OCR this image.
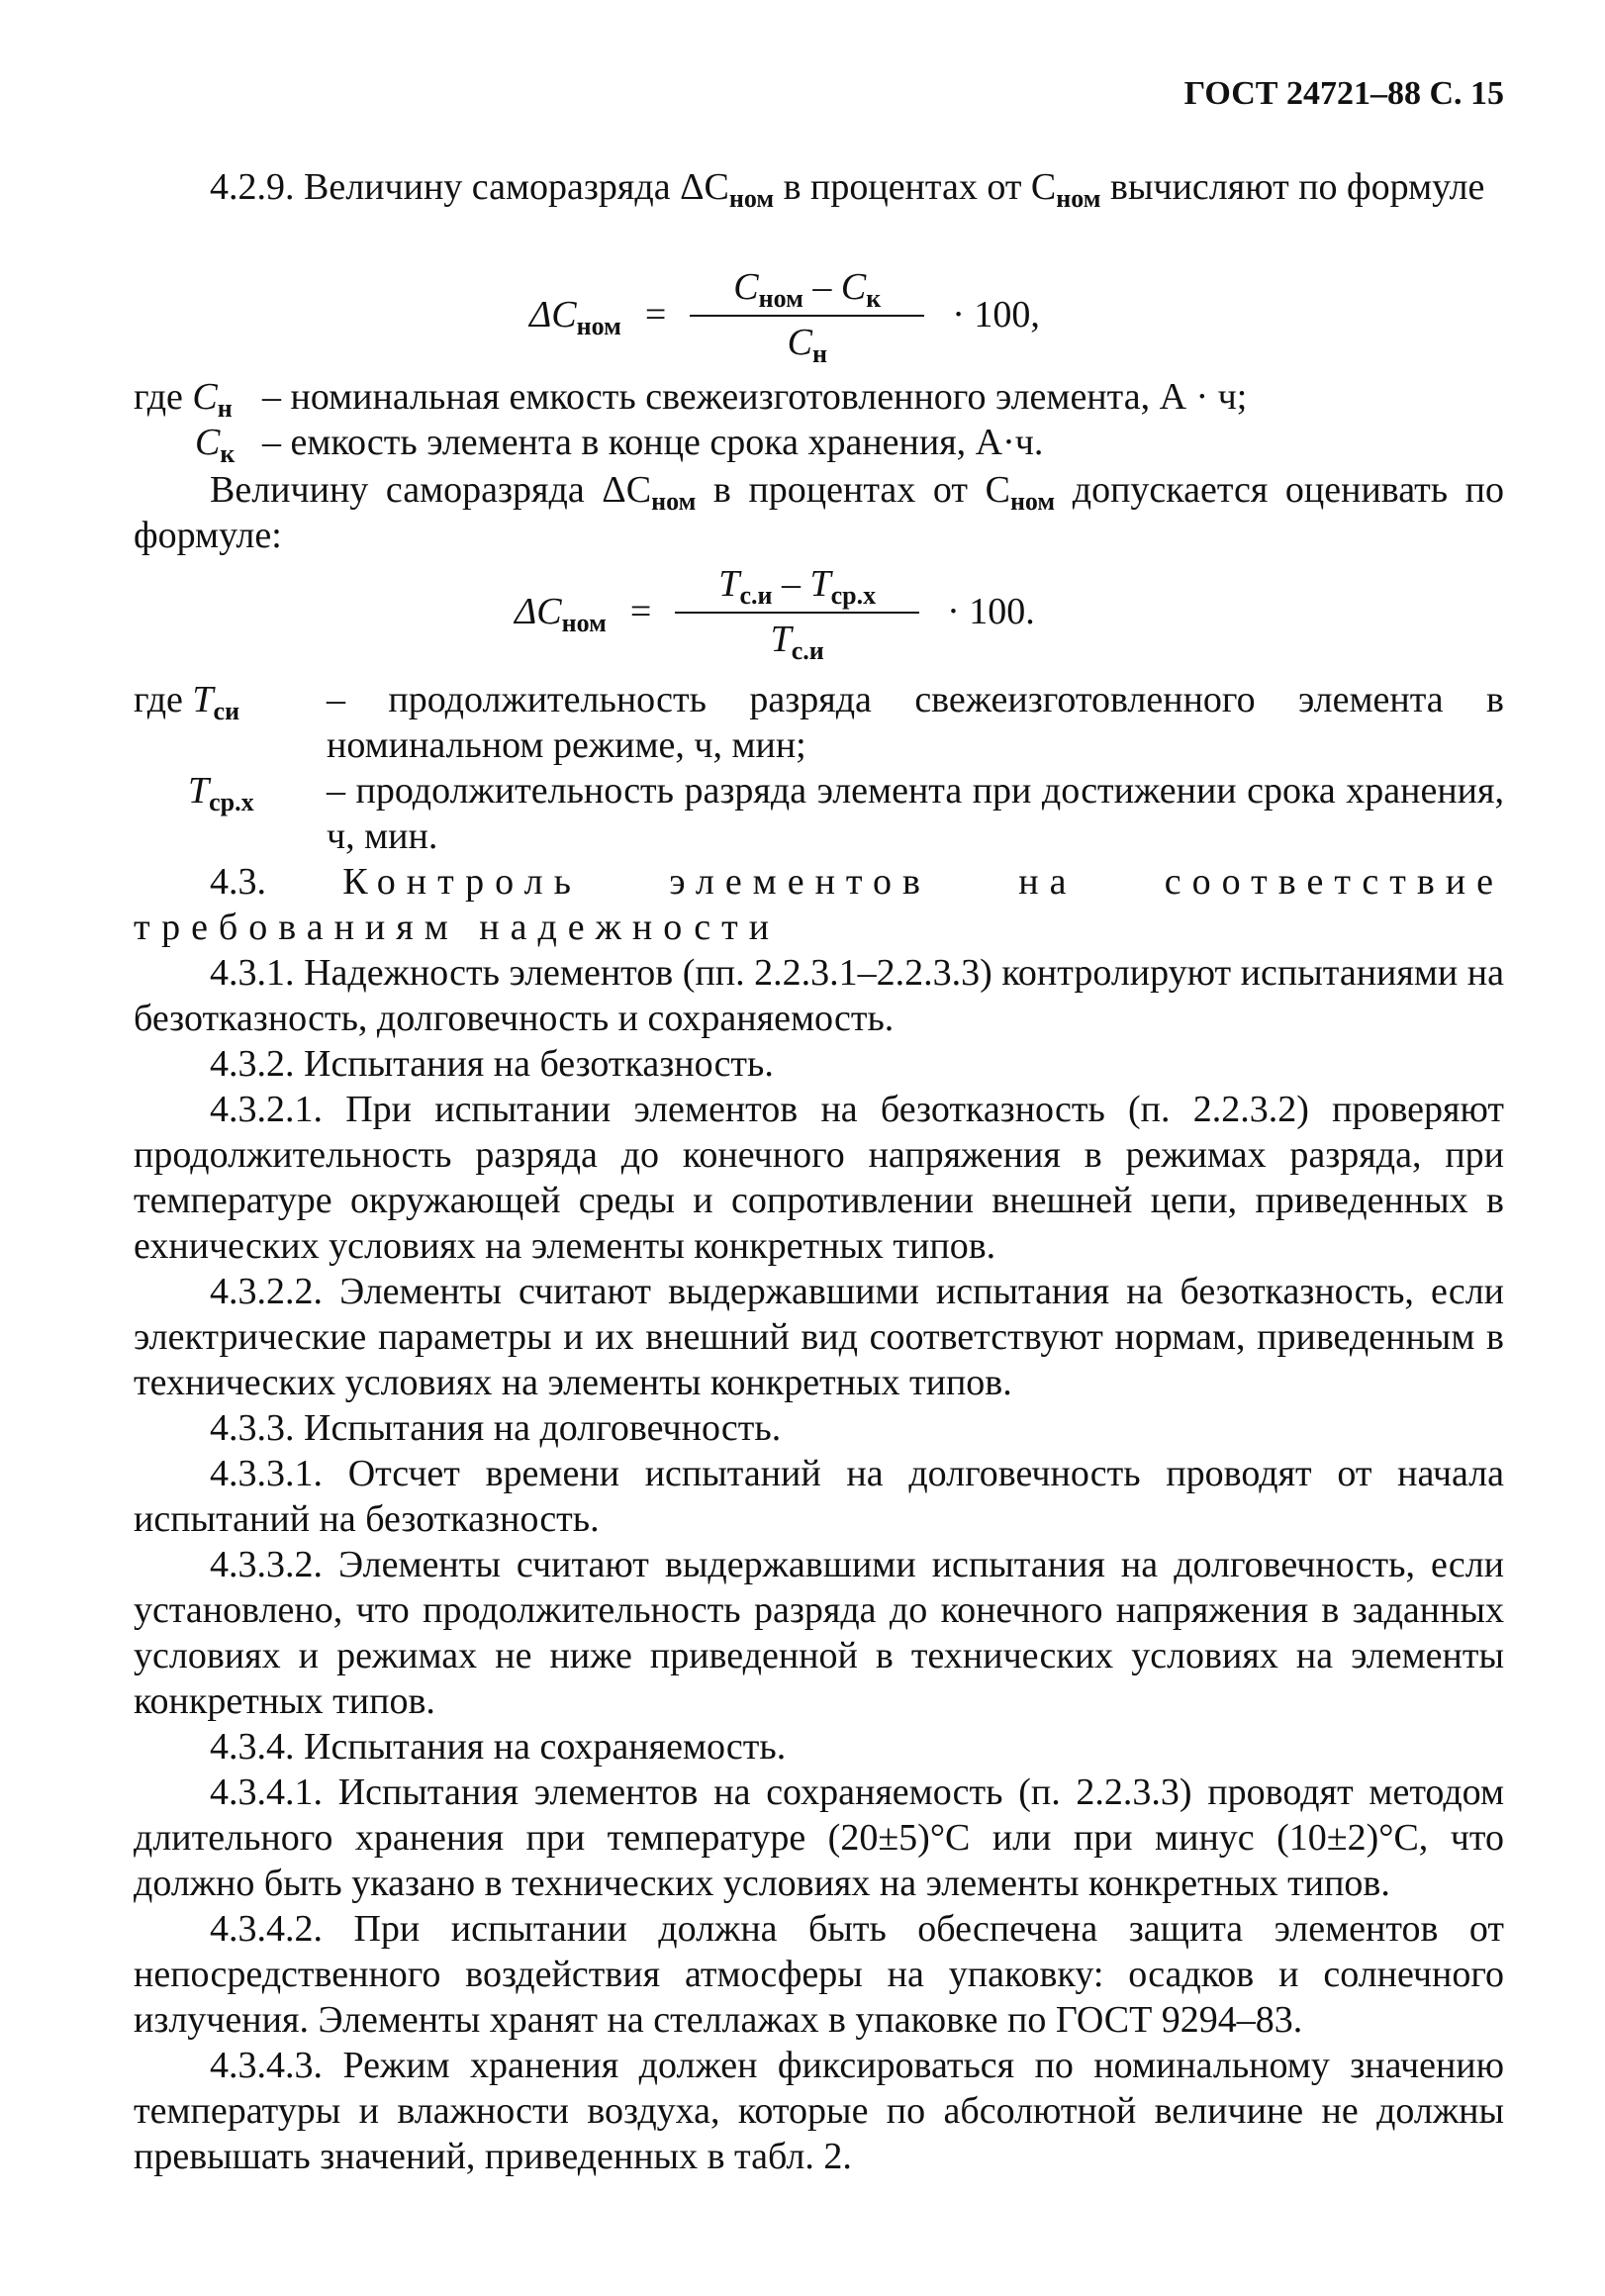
ГОСТ 24721–88 С. 15

4.2.9. Величину саморазряда $\Delta С_{ном}$ в процентах от $С_{ном}$ вычисляют по формуле

$\Delta С_{ном} = \frac{С_{ном} - С_к}{С_н} \cdot 100$,
где $С_н$ – номинальная емкость свежеизготовленного элемента, А · ч;
$С_к$ – емкость элемента в конце срока хранения, А·ч.

Величину саморазряда $\Delta С_{ном}$ в процентах от $С_{ном}$ допускается оценивать по формуле:

$\Delta С_{ном} = \frac{Т_{с.и} - Т_{ср.х}}{Т_{с.и}} \cdot 100$.
где $Т_{си}$ – продолжительность разряда свежеизготовленного элемента в номинальном режиме, ч, мин;
$Т_{ср.х}$ – продолжительность разряда элемента при достижении срока хранения, ч, мин.

4.3. Контроль элементов на соответствие требованиям надежности

4.3.1. Надежность элементов (пп. 2.2.3.1–2.2.3.3) контролируют испытаниями на безотказность, долговечность и сохраняемость.

4.3.2. Испытания на безотказность.

4.3.2.1. При испытании элементов на безотказность (п. 2.2.3.2) проверяют продолжительность разряда до конечного напряжения в режимах разряда, при температуре окружающей среды и сопротивлении внешней цепи, приведенных в ехнических условиях на элементы конкретных типов.

4.3.2.2. Элементы считают выдержавшими испытания на безотказность, если электрические параметры и их внешний вид соответствуют нормам, приведенным в технических условиях на элементы конкретных типов.

4.3.3. Испытания на долговечность.

4.3.3.1. Отсчет времени испытаний на долговечность проводят от начала испытаний на безотказность.

4.3.3.2. Элементы считают выдержавшими испытания на долговечность, если установлено, что продолжительность разряда до конечного напряжения в заданных условиях и режимах не ниже приведенной в технических условиях на элементы конкретных типов.

4.3.4. Испытания на сохраняемость.

4.3.4.1. Испытания элементов на сохраняемость (п. 2.2.3.3) проводят методом длительного хранения при температуре (20±5)°С или при минус (10±2)°С, что должно быть указано в технических условиях на элементы конкретных типов.

4.3.4.2. При испытании должна быть обеспечена защита элементов от непосредственного воздействия атмосферы на упаковку: осадков и солнечного излучения. Элементы хранят на стеллажах в упаковке по ГОСТ 9294–83.

4.3.4.3. Режим хранения должен фиксироваться по номинальному значению температуры и влажности воздуха, которые по абсолютной величине не должны превышать значений, приведенных в табл. 2.
